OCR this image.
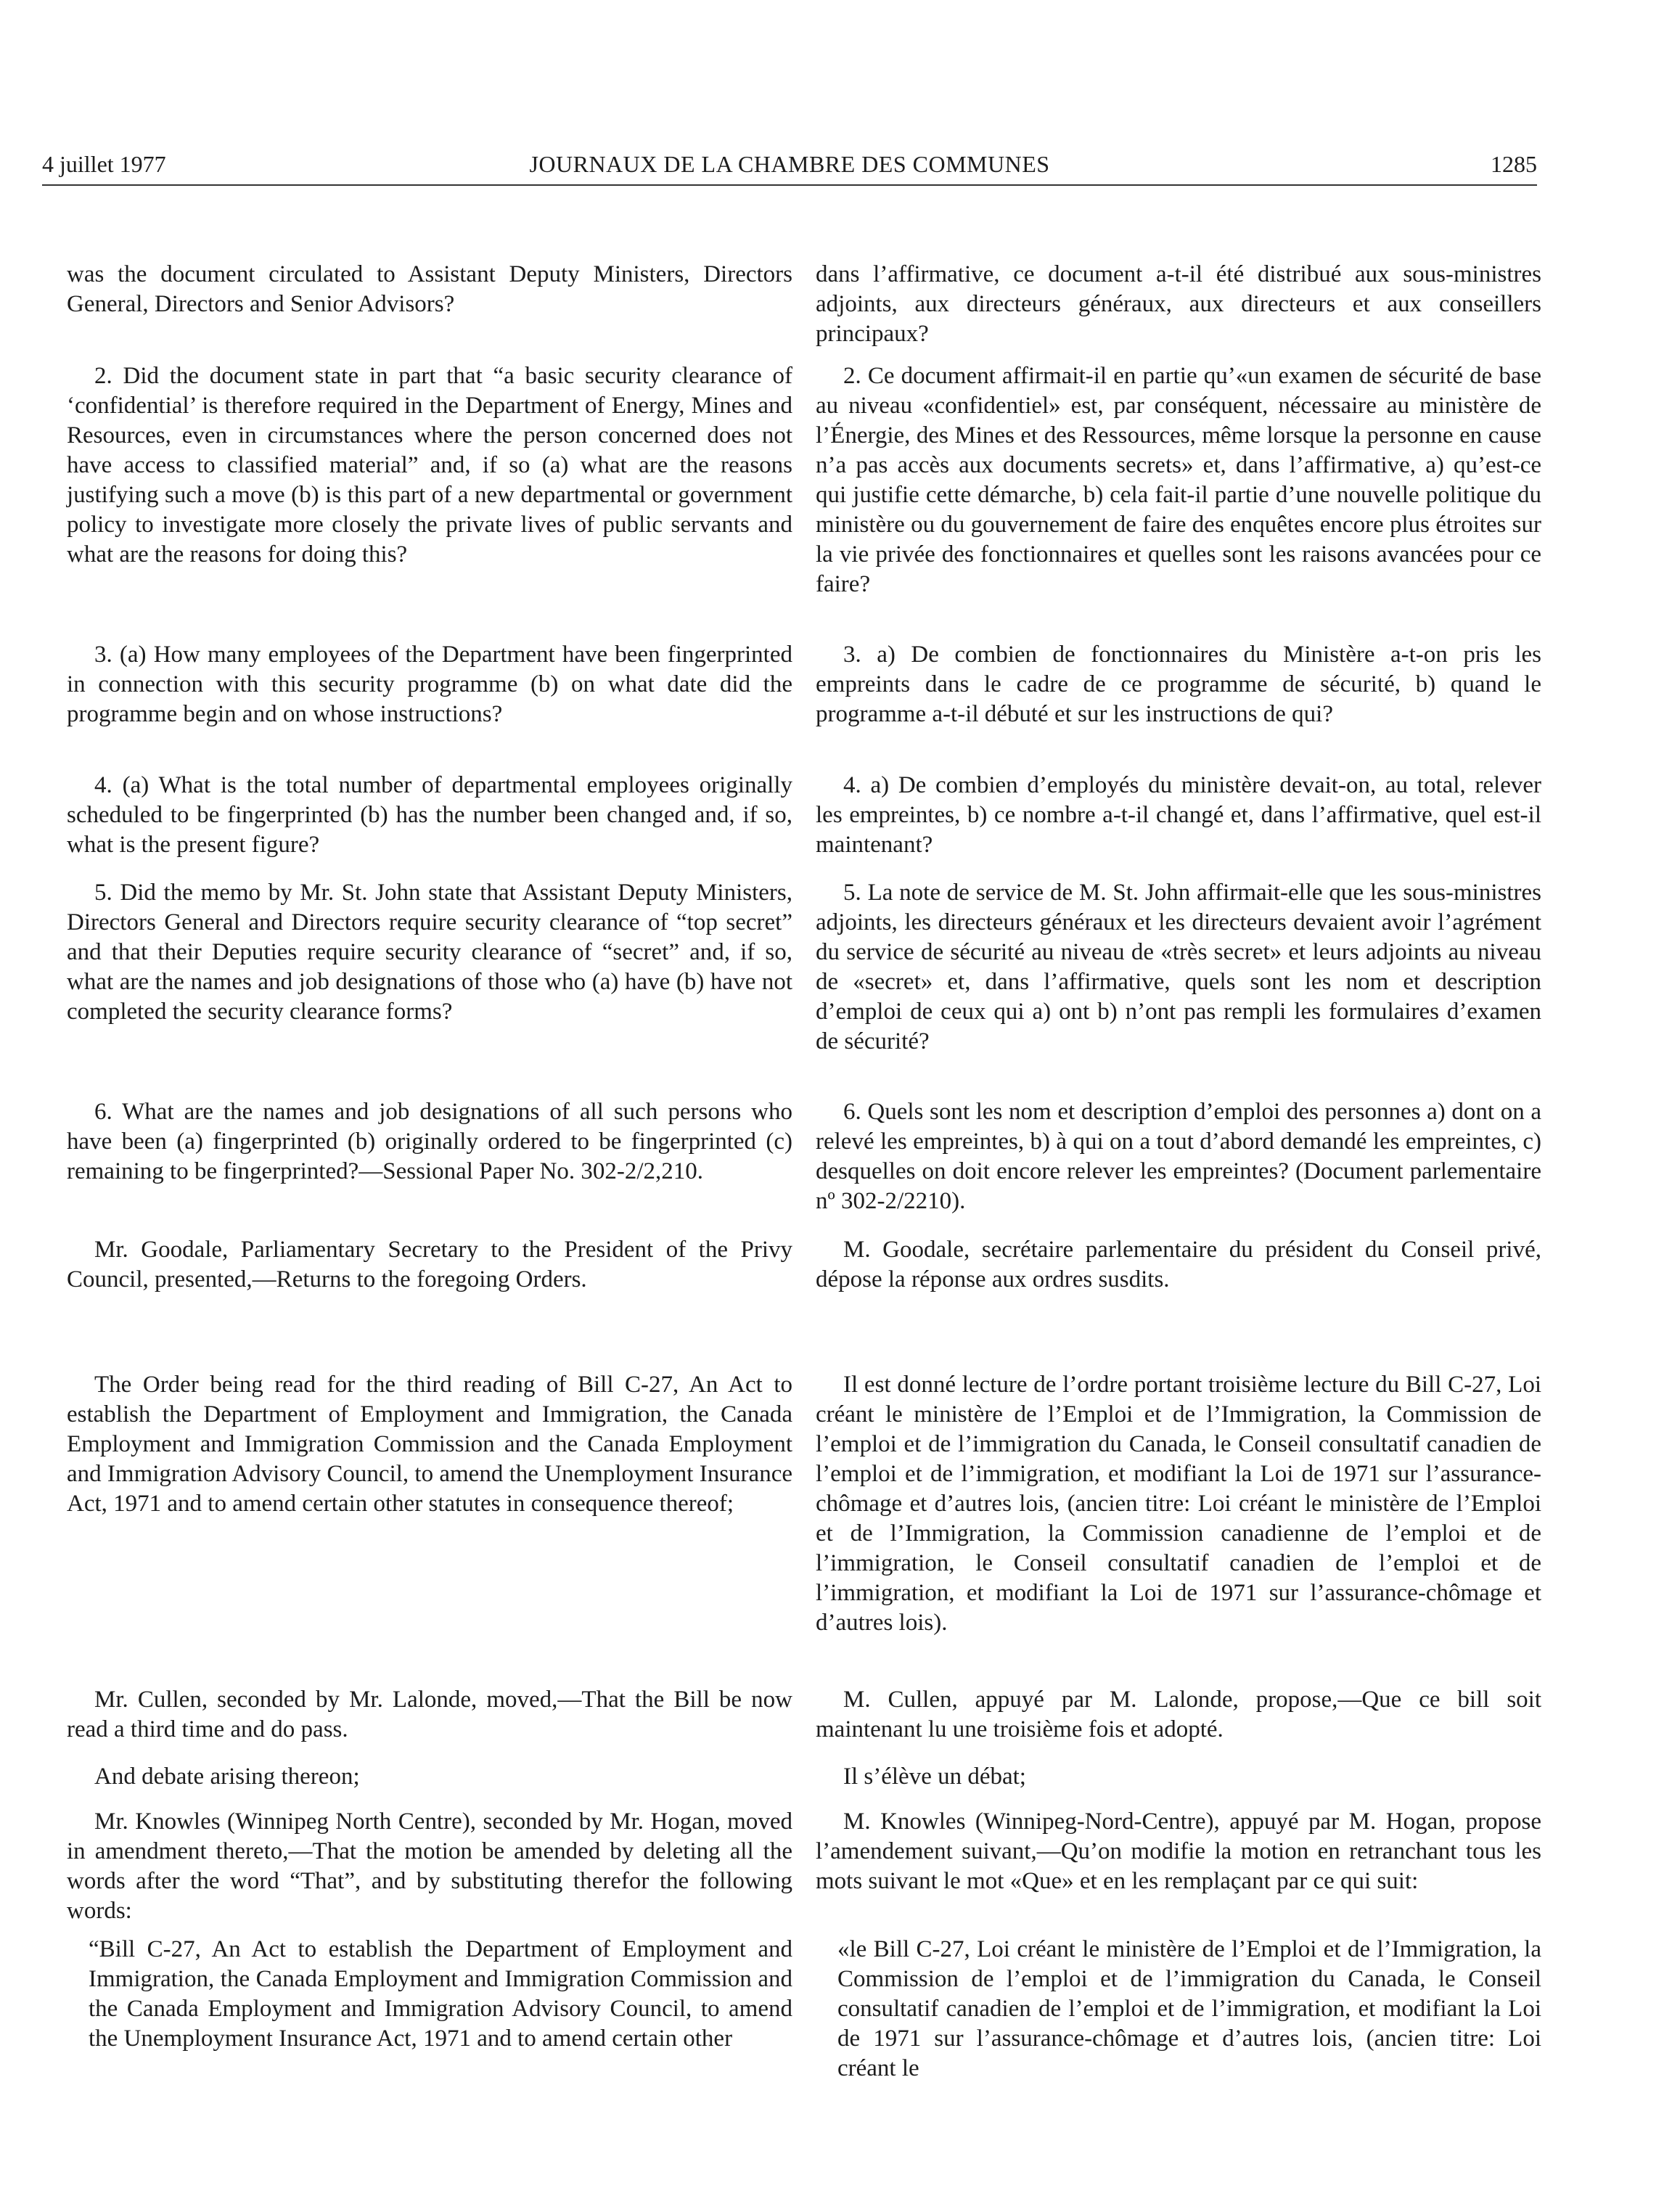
4 juillet 1977	JOURNAUX DE LA CHAMBRE DES COMMUNES	1285

was the document circulated to Assistant Deputy Ministers, Directors General, Directors and Senior Advisors?

2. Did the document state in part that “a basic security clearance of ‘confidential’ is therefore required in the Department of Energy, Mines and Resources, even in circumstances where the person concerned does not have access to classified material” and, if so (a) what are the reasons justifying such a move (b) is this part of a new departmental or government policy to investigate more closely the private lives of public servants and what are the reasons for doing this?

3. (a) How many employees of the Department have been fingerprinted in connection with this security programme (b) on what date did the programme begin and on whose instructions?

4. (a) What is the total number of departmental employees originally scheduled to be fingerprinted (b) has the number been changed and, if so, what is the present figure?

5. Did the memo by Mr. St. John state that Assistant Deputy Ministers, Directors General and Directors require security clearance of “top secret” and that their Deputies require security clearance of “secret” and, if so, what are the names and job designations of those who (a) have (b) have not completed the security clearance forms?

6. What are the names and job designations of all such persons who have been (a) fingerprinted (b) originally ordered to be fingerprinted (c) remaining to be fingerprinted?—Sessional Paper No. 302-2/2,210.

Mr. Goodale, Parliamentary Secretary to the President of the Privy Council, presented,—Returns to the foregoing Orders.

The Order being read for the third reading of Bill C-27, An Act to establish the Department of Employment and Immigration, the Canada Employment and Immigration Commission and the Canada Employment and Immigration Advisory Council, to amend the Unemployment Insurance Act, 1971 and to amend certain other statutes in consequence thereof;

Mr. Cullen, seconded by Mr. Lalonde, moved,—That the Bill be now read a third time and do pass.

And debate arising thereon;

Mr. Knowles (Winnipeg North Centre), seconded by Mr. Hogan, moved in amendment thereto,—That the motion be amended by deleting all the words after the word “That”, and by substituting therefor the following words:

“Bill C-27, An Act to establish the Department of Employment and Immigration, the Canada Employment and Immigration Commission and the Canada Employment and Immigration Advisory Council, to amend the Unemployment Insurance Act, 1971 and to amend certain other

dans l’affirmative, ce document a-t-il été distribué aux sous-ministres adjoints, aux directeurs généraux, aux directeurs et aux conseillers principaux?

2. Ce document affirmait-il en partie qu’«un examen de sécurité de base au niveau «confidentiel» est, par conséquent, nécessaire au ministère de l’Énergie, des Mines et des Ressources, même lorsque la personne en cause n’a pas accès aux documents secrets» et, dans l’affirmative, a) qu’est-ce qui justifie cette démarche, b) cela fait-il partie d’une nouvelle politique du ministère ou du gouvernement de faire des enquêtes encore plus étroites sur la vie privée des fonctionnaires et quelles sont les raisons avancées pour ce faire?

3. a) De combien de fonctionnaires du Ministère a-t-on pris les empreints dans le cadre de ce programme de sécurité, b) quand le programme a-t-il débuté et sur les instructions de qui?

4. a) De combien d’employés du ministère devait-on, au total, relever les empreintes, b) ce nombre a-t-il changé et, dans l’affirmative, quel est-il maintenant?

5. La note de service de M. St. John affirmait-elle que les sous-ministres adjoints, les directeurs généraux et les directeurs devaient avoir l’agrément du service de sécurité au niveau de «très secret» et leurs adjoints au niveau de «secret» et, dans l’affirmative, quels sont les nom et description d’emploi de ceux qui a) ont b) n’ont pas rempli les formulaires d’examen de sécurité?

6. Quels sont les nom et description d’emploi des personnes a) dont on a relevé les empreintes, b) à qui on a tout d’abord demandé les empreintes, c) desquelles on doit encore relever les empreintes? (Document parlementaire nº 302-2/2210).

M. Goodale, secrétaire parlementaire du président du Conseil privé, dépose la réponse aux ordres susdits.

Il est donné lecture de l’ordre portant troisième lecture du Bill C-27, Loi créant le ministère de l’Emploi et de l’Immigration, la Commission de l’emploi et de l’immigration du Canada, le Conseil consultatif canadien de l’emploi et de l’immigration, et modifiant la Loi de 1971 sur l’assurance-chômage et d’autres lois, (ancien titre: Loi créant le ministère de l’Emploi et de l’Immigration, la Commission canadienne de l’emploi et de l’immigration, le Conseil consultatif canadien de l’emploi et de l’immigration, et modifiant la Loi de 1971 sur l’assurance-chômage et d’autres lois).

M. Cullen, appuyé par M. Lalonde, propose,—Que ce bill soit maintenant lu une troisième fois et adopté.

Il s’élève un débat;

M. Knowles (Winnipeg-Nord-Centre), appuyé par M. Hogan, propose l’amendement suivant,—Qu’on modifie la motion en retranchant tous les mots suivant le mot «Que» et en les remplaçant par ce qui suit:

«le Bill C-27, Loi créant le ministère de l’Emploi et de l’Immigration, la Commission de l’emploi et de l’immigration du Canada, le Conseil consultatif canadien de l’emploi et de l’immigration, et modifiant la Loi de 1971 sur l’assurance-chômage et d’autres lois, (ancien titre: Loi créant le
